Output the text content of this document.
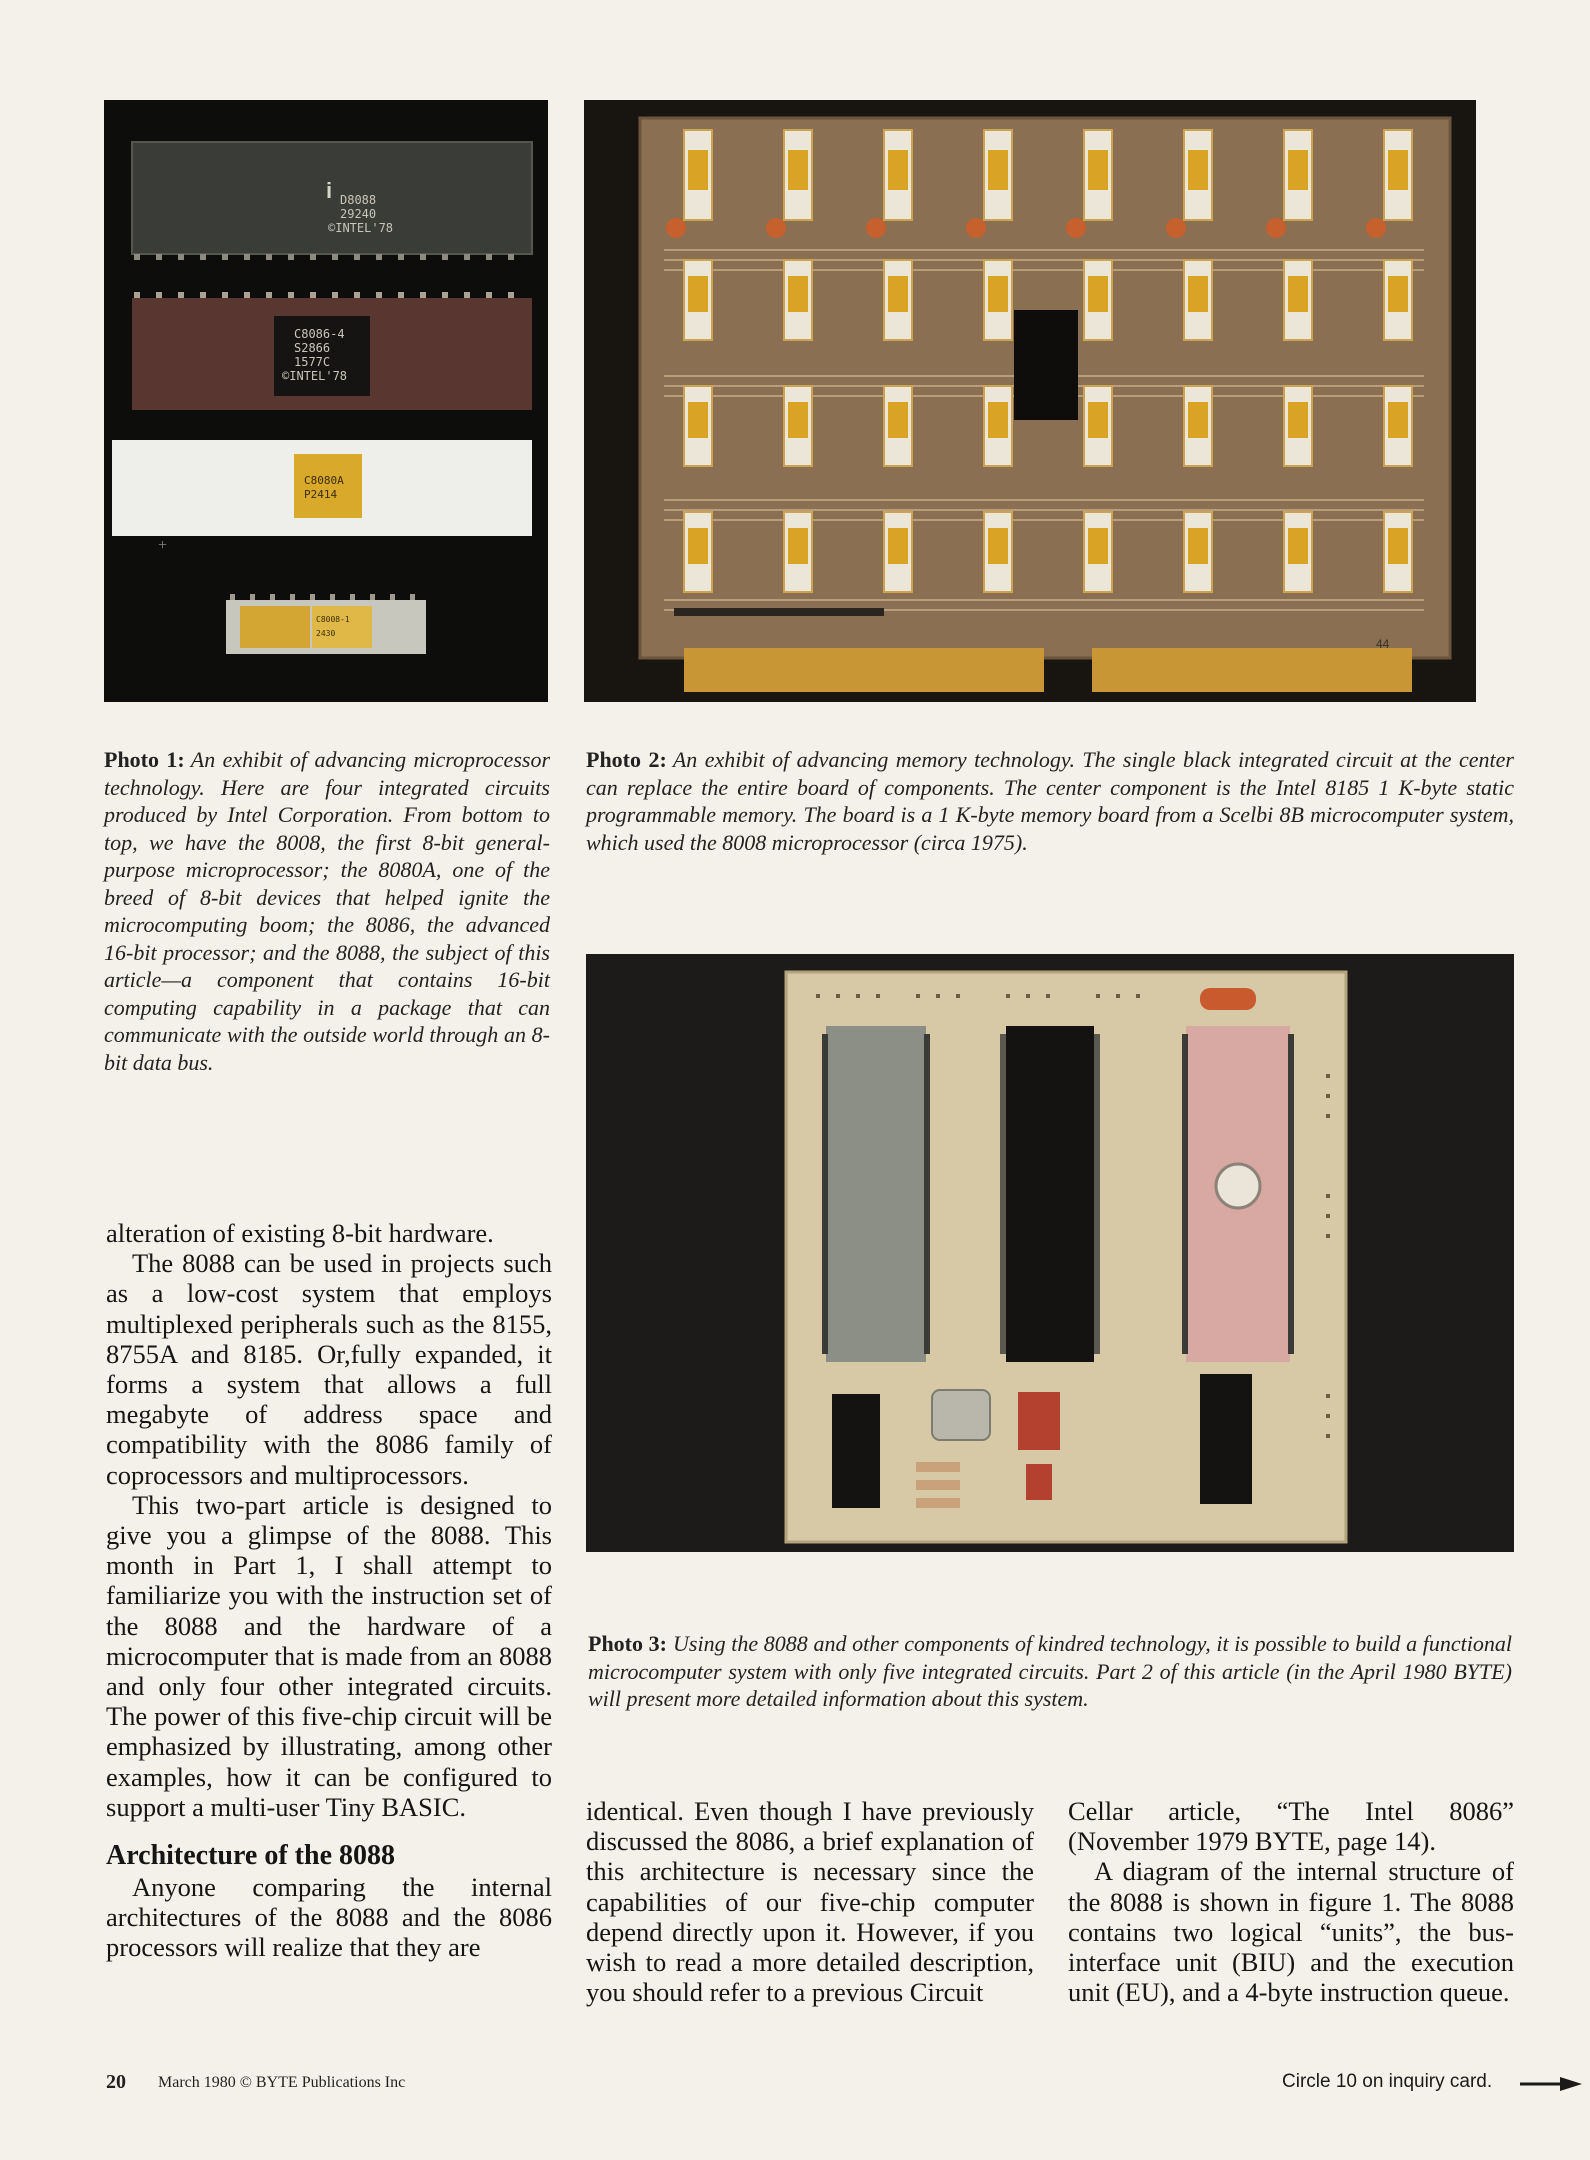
i D8088
29240
©INTEL'78
C8086-4
S2866
1577C
©INTEL'78
C8080A
P2414
+
C8008-1
2430
44
Photo 1: An exhibit of advancing microprocessor technology. Here are four integrated circuits produced by Intel Corporation. From bottom to top, we have the 8008, the first 8-bit general-purpose microprocessor; the 8080A, one of the breed of 8-bit devices that helped ignite the microcomputing boom; the 8086, the advanced 16-bit processor; and the 8088, the subject of this article—a component that contains 16-bit computing capability in a package that can communicate with the outside world through an 8-bit data bus.
Photo 2: An exhibit of advancing memory technology. The single black integrated circuit at the center can replace the entire board of components. The center component is the Intel 8185 1 K-byte static programmable memory. The board is a 1 K-byte memory board from a Scelbi 8B microcomputer system, which used the 8008 microprocessor (circa 1975).
Photo 3: Using the 8088 and other components of kindred technology, it is possible to build a functional microcomputer system with only five integrated circuits. Part 2 of this article (in the April 1980 BYTE) will present more detailed information about this system.

alteration of existing 8-bit hardware.

The 8088 can be used in projects such as a low-cost system that employs multiplexed peripherals such as the 8155, 8755A and 8185. Or,fully expanded, it forms a system that allows a full megabyte of address space and compatibility with the 8086 family of coprocessors and multiprocessors.

This two-part article is designed to give you a glimpse of the 8088. This month in Part 1, I shall attempt to familiarize you with the instruction set of the 8088 and the hardware of a microcomputer that is made from an 8088 and only four other integrated circuits. The power of this five-chip circuit will be emphasized by illustrating, among other examples, how it can be configured to support a multi-user Tiny BASIC.

Architecture of the 8088

Anyone comparing the internal architectures of the 8088 and the 8086 processors will realize that they are

identical. Even though I have previously discussed the 8086, a brief explanation of this architecture is necessary since the capabilities of our five-chip computer depend directly upon it. However, if you wish to read a more detailed description, you should refer to a previous Circuit

Cellar article, “The Intel 8086” (November 1979 BYTE, page 14).

A diagram of the internal structure of the 8088 is shown in figure 1. The 8088 contains two logical “units”, the bus-interface unit (BIU) and the execution unit (EU), and a 4-byte instruction queue.

20 March 1980 © BYTE Publications Inc	Circle 10 on inquiry card.
